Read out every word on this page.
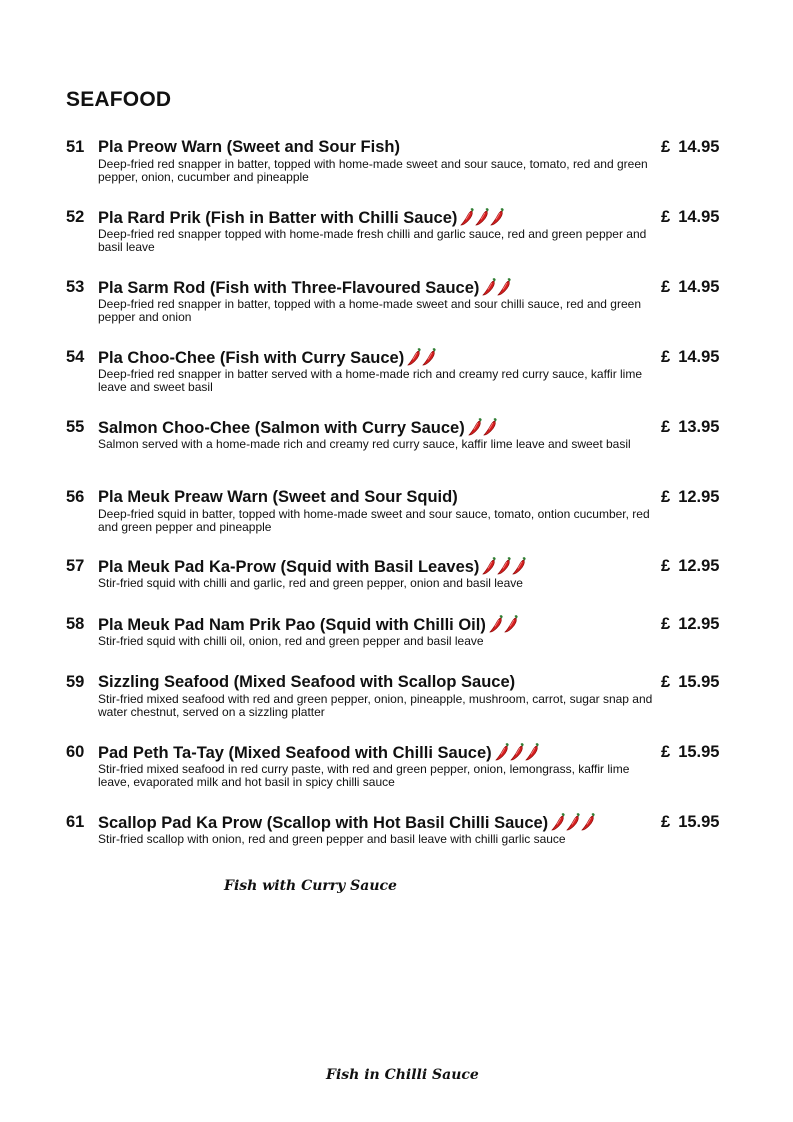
SEAFOOD
51 Pla Preow Warn (Sweet and Sour Fish)	£ 14.95
Deep-fried red snapper in batter, topped with home-made sweet and sour sauce, tomato, red and green pepper, onion, cucumber and pineapple
52 Pla Rard Prik (Fish in Batter with Chilli Sauce)	£ 14.95
Deep-fried red snapper topped with home-made fresh chilli and garlic sauce, red and green pepper and basil leave
53 Pla Sarm Rod (Fish with Three-Flavoured Sauce)	£ 14.95
Deep-fried red snapper in batter, topped with a home-made sweet and sour chilli sauce, red and green pepper and onion
54 Pla Choo-Chee (Fish with Curry Sauce)	£ 14.95
Deep-fried red snapper in batter served with a home-made rich and creamy red curry sauce, kaffir lime leave and sweet basil
55 Salmon Choo-Chee (Salmon with Curry Sauce)	£ 13.95
Salmon served with a home-made rich and creamy red curry sauce, kaffir lime leave and sweet basil
56 Pla Meuk Preaw Warn (Sweet and Sour Squid)	£ 12.95
Deep-fried squid in batter, topped with home-made sweet and sour sauce, tomato, ontion cucumber, red and green pepper and pineapple
57 Pla Meuk Pad Ka-Prow (Squid with Basil Leaves)	£ 12.95
Stir-fried squid with chilli and garlic, red and green pepper, onion and basil leave
58 Pla Meuk Pad Nam Prik Pao (Squid with Chilli Oil)	£ 12.95
Stir-fried squid with chilli oil, onion, red and green pepper and basil leave
59 Sizzling Seafood (Mixed Seafood with Scallop Sauce)	£ 15.95
Stir-fried mixed seafood with red and green pepper, onion, pineapple, mushroom, carrot, sugar snap and water chestnut, served on a sizzling platter
60 Pad Peth Ta-Tay (Mixed Seafood with Chilli Sauce)	£ 15.95
Stir-fried mixed seafood in red curry paste, with red and green pepper, onion, lemongrass, kaffir lime leave, evaporated milk and hot basil in spicy chilli sauce
61 Scallop Pad Ka Prow (Scallop with Hot Basil Chilli Sauce)	£ 15.95
Stir-fried scallop with onion, red and green pepper and basil leave with chilli garlic sauce
Fish with Curry Sauce
Fish in Chilli Sauce
